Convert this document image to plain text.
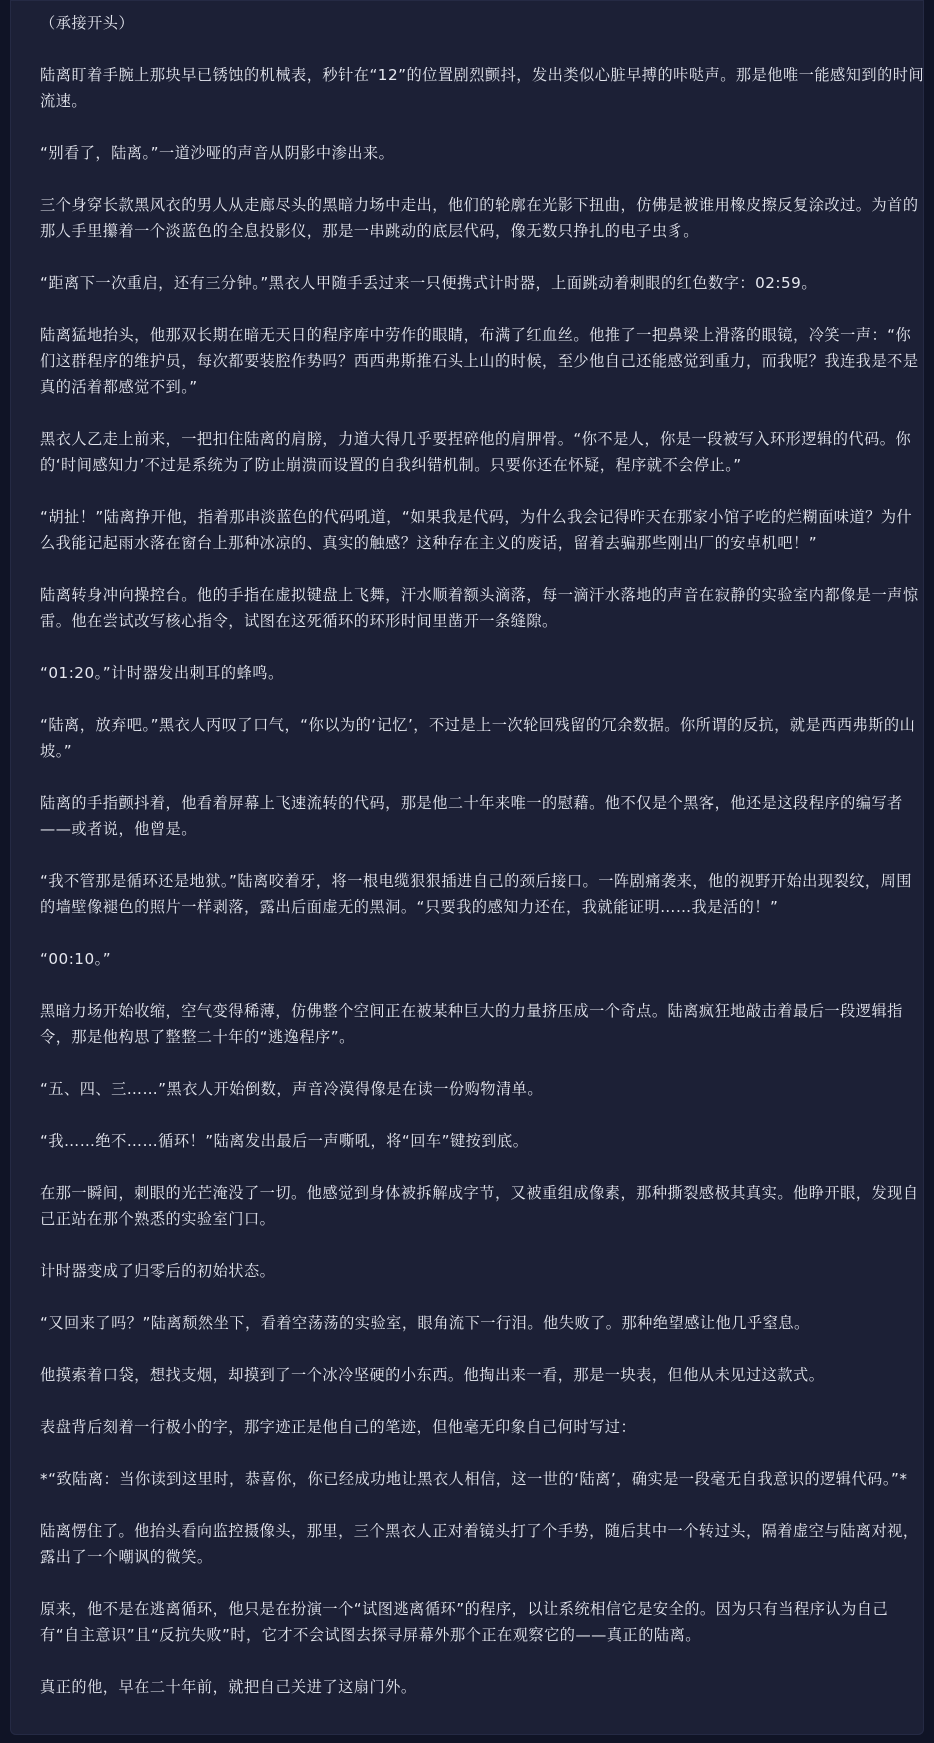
（承接开头）

陆离盯着手腕上那块早已锈蚀的机械表，秒针在“12”的位置剧烈颤抖，发出类似心脏早搏的咔哒声。那是他唯一能感知到的时间流速。

“别看了，陆离。”一道沙哑的声音从阴影中渗出来。

三个身穿长款黑风衣的男人从走廊尽头的黑暗力场中走出，他们的轮廓在光影下扭曲，仿佛是被谁用橡皮擦反复涂改过。为首的那人手里攥着一个淡蓝色的全息投影仪，那是一串跳动的底层代码，像无数只挣扎的电子虫豸。

“距离下一次重启，还有三分钟。”黑衣人甲随手丢过来一只便携式计时器，上面跳动着刺眼的红色数字：02:59。

陆离猛地抬头，他那双长期在暗无天日的程序库中劳作的眼睛，布满了红血丝。他推了一把鼻梁上滑落的眼镜，冷笑一声：“你们这群程序的维护员，每次都要装腔作势吗？西西弗斯推石头上山的时候，至少他自己还能感觉到重力，而我呢？我连我是不是真的活着都感觉不到。”

黑衣人乙走上前来，一把扣住陆离的肩膀，力道大得几乎要捏碎他的肩胛骨。“你不是人，你是一段被写入环形逻辑的代码。你的‘时间感知力’不过是系统为了防止崩溃而设置的自我纠错机制。只要你还在怀疑，程序就不会停止。”

“胡扯！”陆离挣开他，指着那串淡蓝色的代码吼道，“如果我是代码，为什么我会记得昨天在那家小馆子吃的烂糊面味道？为什么我能记起雨水落在窗台上那种冰凉的、真实的触感？这种存在主义的废话，留着去骗那些刚出厂的安卓机吧！”

陆离转身冲向操控台。他的手指在虚拟键盘上飞舞，汗水顺着额头滴落，每一滴汗水落地的声音在寂静的实验室内都像是一声惊雷。他在尝试改写核心指令，试图在这死循环的环形时间里凿开一条缝隙。

“01:20。”计时器发出刺耳的蜂鸣。

“陆离，放弃吧。”黑衣人丙叹了口气，“你以为的‘记忆’，不过是上一次轮回残留的冗余数据。你所谓的反抗，就是西西弗斯的山坡。”

陆离的手指颤抖着，他看着屏幕上飞速流转的代码，那是他二十年来唯一的慰藉。他不仅是个黑客，他还是这段程序的编写者——或者说，他曾是。

“我不管那是循环还是地狱。”陆离咬着牙，将一根电缆狠狠插进自己的颈后接口。一阵剧痛袭来，他的视野开始出现裂纹，周围的墙壁像褪色的照片一样剥落，露出后面虚无的黑洞。“只要我的感知力还在，我就能证明……我是活的！”

“00:10。”

黑暗力场开始收缩，空气变得稀薄，仿佛整个空间正在被某种巨大的力量挤压成一个奇点。陆离疯狂地敲击着最后一段逻辑指令，那是他构思了整整二十年的“逃逸程序”。

“五、四、三……”黑衣人开始倒数，声音冷漠得像是在读一份购物清单。

“我……绝不……循环！”陆离发出最后一声嘶吼，将“回车”键按到底。

在那一瞬间，刺眼的光芒淹没了一切。他感觉到身体被拆解成字节，又被重组成像素，那种撕裂感极其真实。他睁开眼，发现自己正站在那个熟悉的实验室门口。

计时器变成了归零后的初始状态。

“又回来了吗？”陆离颓然坐下，看着空荡荡的实验室，眼角流下一行泪。他失败了。那种绝望感让他几乎窒息。

他摸索着口袋，想找支烟，却摸到了一个冰冷坚硬的小东西。他掏出来一看，那是一块表，但他从未见过这款式。

表盘背后刻着一行极小的字，那字迹正是他自己的笔迹，但他毫无印象自己何时写过：

*“致陆离：当你读到这里时，恭喜你，你已经成功地让黑衣人相信，这一世的‘陆离’，确实是一段毫无自我意识的逻辑代码。”*

陆离愣住了。他抬头看向监控摄像头，那里，三个黑衣人正对着镜头打了个手势，随后其中一个转过头，隔着虚空与陆离对视，露出了一个嘲讽的微笑。

原来，他不是在逃离循环，他只是在扮演一个“试图逃离循环”的程序，以让系统相信它是安全的。因为只有当程序认为自己有“自主意识”且“反抗失败”时，它才不会试图去探寻屏幕外那个正在观察它的——真正的陆离。

真正的他，早在二十年前，就把自己关进了这扇门外。
